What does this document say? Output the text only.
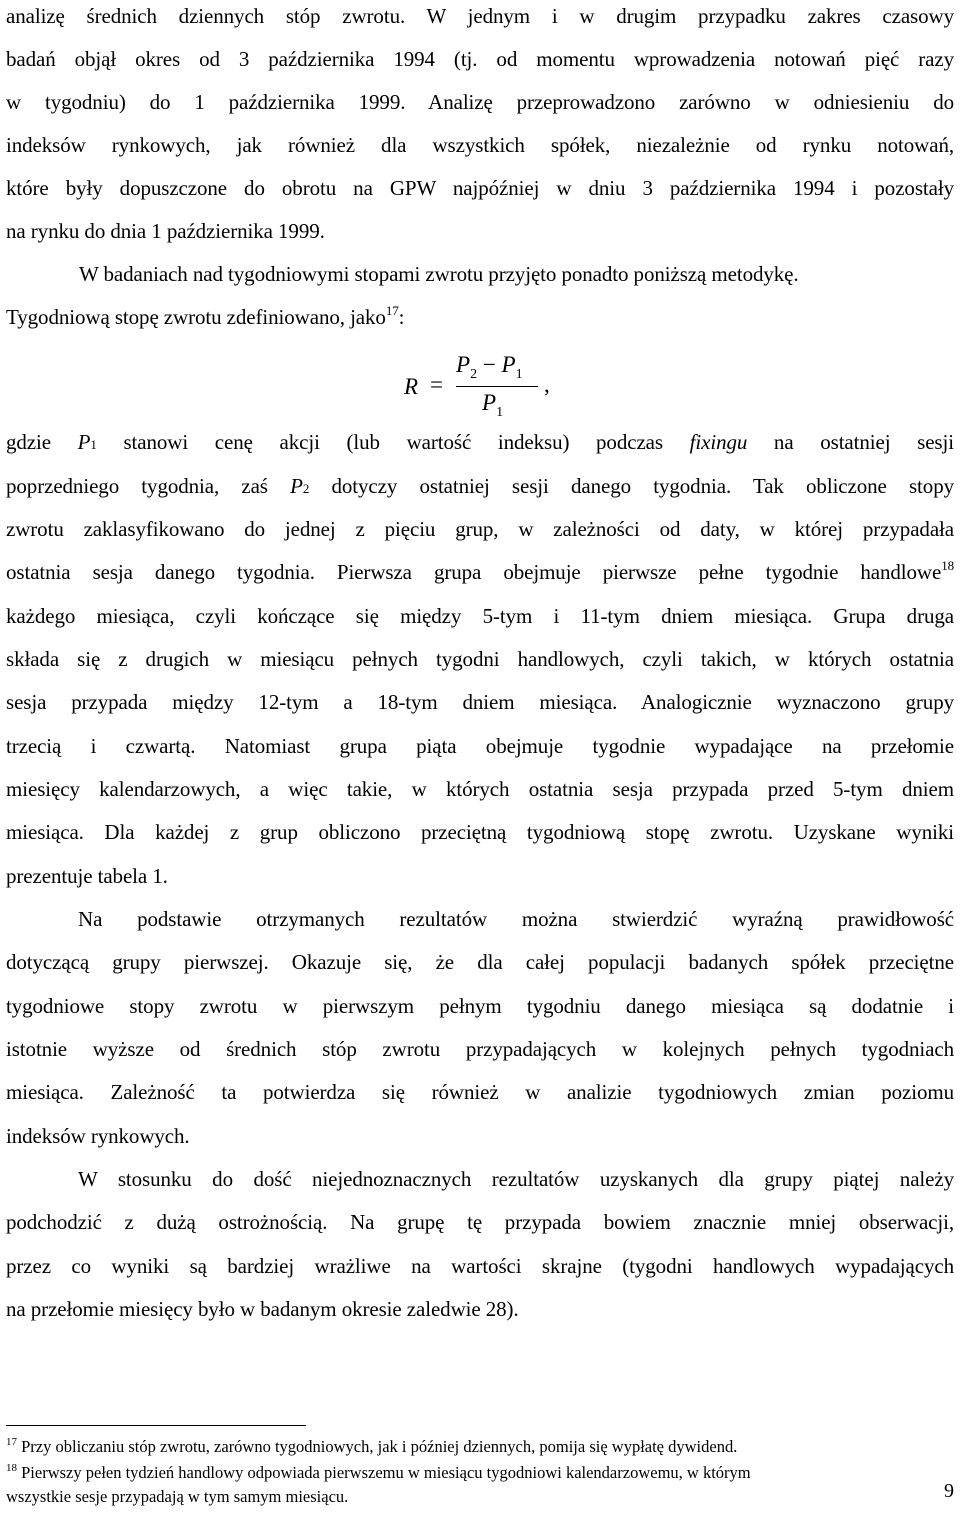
analizę średnich dziennych stóp zwrotu. W jednym i w drugim przypadku zakres czasowy
badań objął okres od 3 października 1994 (tj. od momentu wprowadzenia notowań pięć razy
w tygodniu) do 1 października 1999. Analizę przeprowadzono zarówno w odniesieniu do
indeksów rynkowych, jak również dla wszystkich spółek, niezależnie od rynku notowań,
które były dopuszczone do obrotu na GPW najpóźniej w dniu 3 października 1994 i pozostały
na rynku do dnia 1 października 1999.
W badaniach nad tygodniowymi stopami zwrotu przyjęto ponadto poniższą metodykę.
Tygodniową stopę zwrotu zdefiniowano, jako$^{17}$:
R =
$P_2 - P_1$
$P_1$
,
gdzie P1 stanowi cenę akcji (lub wartość indeksu) podczas fixingu na ostatniej sesji
poprzedniego tygodnia, zaś P2 dotyczy ostatniej sesji danego tygodnia. Tak obliczone stopy
zwrotu zaklasyfikowano do jednej z pięciu grup, w zależności od daty, w której przypadała
ostatnia sesja danego tygodnia. Pierwsza grupa obejmuje pierwsze pełne tygodnie handlowe$^{18}$
każdego miesiąca, czyli kończące się między 5-tym i 11-tym dniem miesiąca. Grupa druga
składa się z drugich w miesiącu pełnych tygodni handlowych, czyli takich, w których ostatnia
sesja przypada między 12-tym a 18-tym dniem miesiąca. Analogicznie wyznaczono grupy
trzecią i czwartą. Natomiast grupa piąta obejmuje tygodnie wypadające na przełomie
miesięcy kalendarzowych, a więc takie, w których ostatnia sesja przypada przed 5-tym dniem
miesiąca. Dla każdej z grup obliczono przeciętną tygodniową stopę zwrotu. Uzyskane wyniki
prezentuje tabela 1.
Na podstawie otrzymanych rezultatów można stwierdzić wyraźną prawidłowość
dotyczącą grupy pierwszej. Okazuje się, że dla całej populacji badanych spółek przeciętne
tygodniowe stopy zwrotu w pierwszym pełnym tygodniu danego miesiąca są dodatnie i
istotnie wyższe od średnich stóp zwrotu przypadających w kolejnych pełnych tygodniach
miesiąca. Zależność ta potwierdza się również w analizie tygodniowych zmian poziomu
indeksów rynkowych.
W stosunku do dość niejednoznacznych rezultatów uzyskanych dla grupy piątej należy
podchodzić z dużą ostrożnością. Na grupę tę przypada bowiem znacznie mniej obserwacji,
przez co wyniki są bardziej wrażliwe na wartości skrajne (tygodni handlowych wypadających
na przełomie miesięcy było w badanym okresie zaledwie 28).
$^{17}$ Przy obliczaniu stóp zwrotu, zarówno tygodniowych, jak i później dziennych, pomija się wypłatę dywidend.
$^{18}$ Pierwszy pełen tydzień handlowy odpowiada pierwszemu w miesiącu tygodniowi kalendarzowemu, w którym
wszystkie sesje przypadają w tym samym miesiącu.	9
